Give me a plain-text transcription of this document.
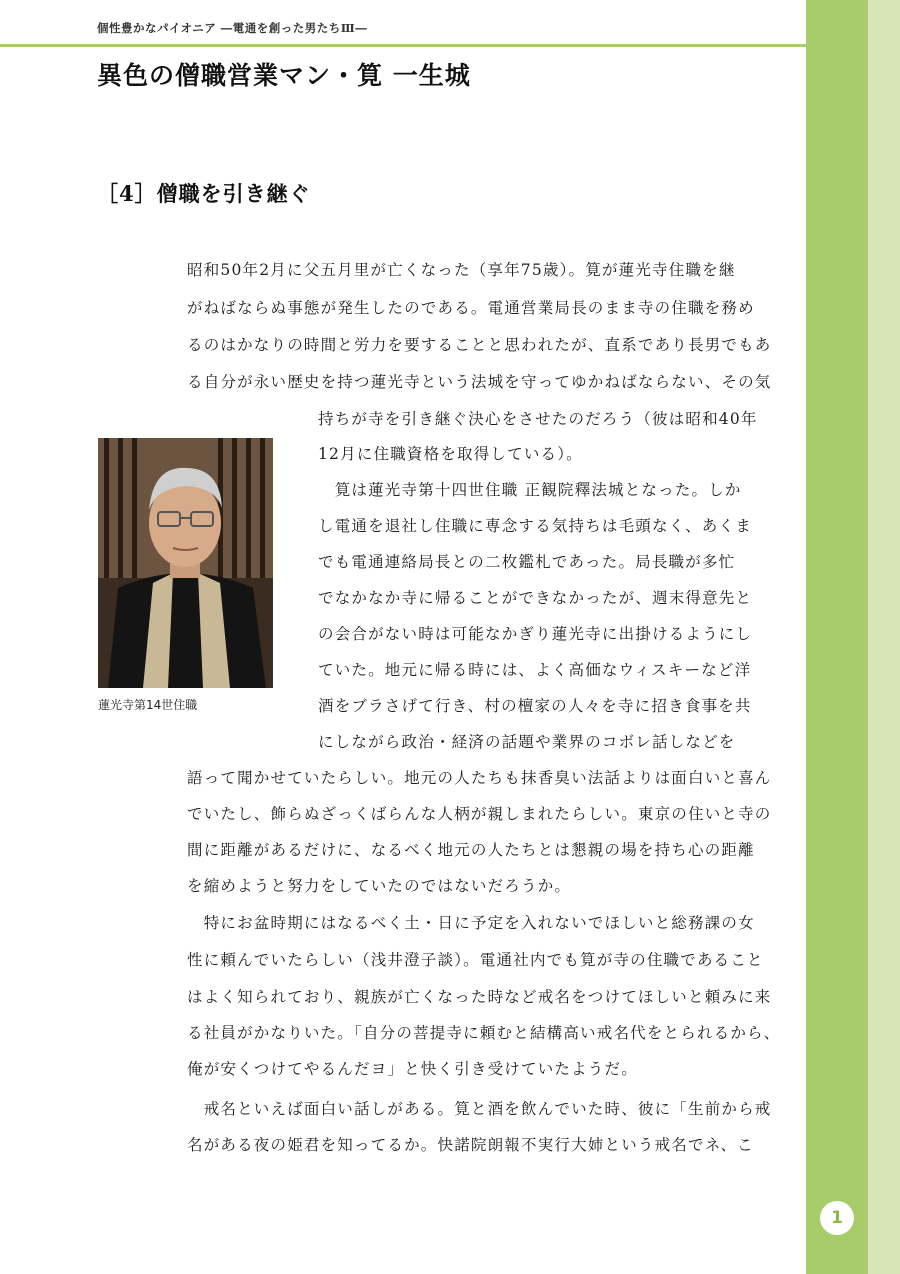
個性豊かなパイオニア ―電通を創った男たちⅢ―
異色の僧職営業マン・筧 一生城
［4］僧職を引き継ぐ
昭和50年2月に父五月里が亡くなった（享年75歳）。筧が蓮光寺住職を継
がねばならぬ事態が発生したのである。電通営業局長のまま寺の住職を務め
るのはかなりの時間と労力を要することと思われたが、直系であり長男でもあ
る自分が永い歴史を持つ蓮光寺という法城を守ってゆかねばならない、その気
持ちが寺を引き継ぐ決心をさせたのだろう（彼は昭和40年
12月に住職資格を取得している）。
　筧は蓮光寺第十四世住職 正観院釋法城となった。しか
し電通を退社し住職に専念する気持ちは毛頭なく、あくま
でも電通連絡局長との二枚鑑札であった。局長職が多忙
でなかなか寺に帰ることができなかったが、週末得意先と
の会合がない時は可能なかぎり蓮光寺に出掛けるようにし
ていた。地元に帰る時には、よく高価なウィスキーなど洋
酒をブラさげて行き、村の檀家の人々を寺に招き食事を共
にしながら政治・経済の話題や業界のコボレ話しなどを
語って聞かせていたらしい。地元の人たちも抹香臭い法話よりは面白いと喜ん
でいたし、飾らぬざっくばらんな人柄が親しまれたらしい。東京の住いと寺の
間に距離があるだけに、なるべく地元の人たちとは懇親の場を持ち心の距離
を縮めようと努力をしていたのではないだろうか。
　特にお盆時期にはなるべく土・日に予定を入れないでほしいと総務課の女
性に頼んでいたらしい（浅井澄子談）。電通社内でも筧が寺の住職であること
はよく知られており、親族が亡くなった時など戒名をつけてほしいと頼みに来
る社員がかなりいた。「自分の菩提寺に頼むと結構高い戒名代をとられるから、
俺が安くつけてやるんだヨ」と快く引き受けていたようだ。
　戒名といえば面白い話しがある。筧と酒を飲んでいた時、彼に「生前から戒
名がある夜の姫君を知ってるか。快諾院朗報不実行大姉という戒名でネ、こ
蓮光寺第14世住職
1
